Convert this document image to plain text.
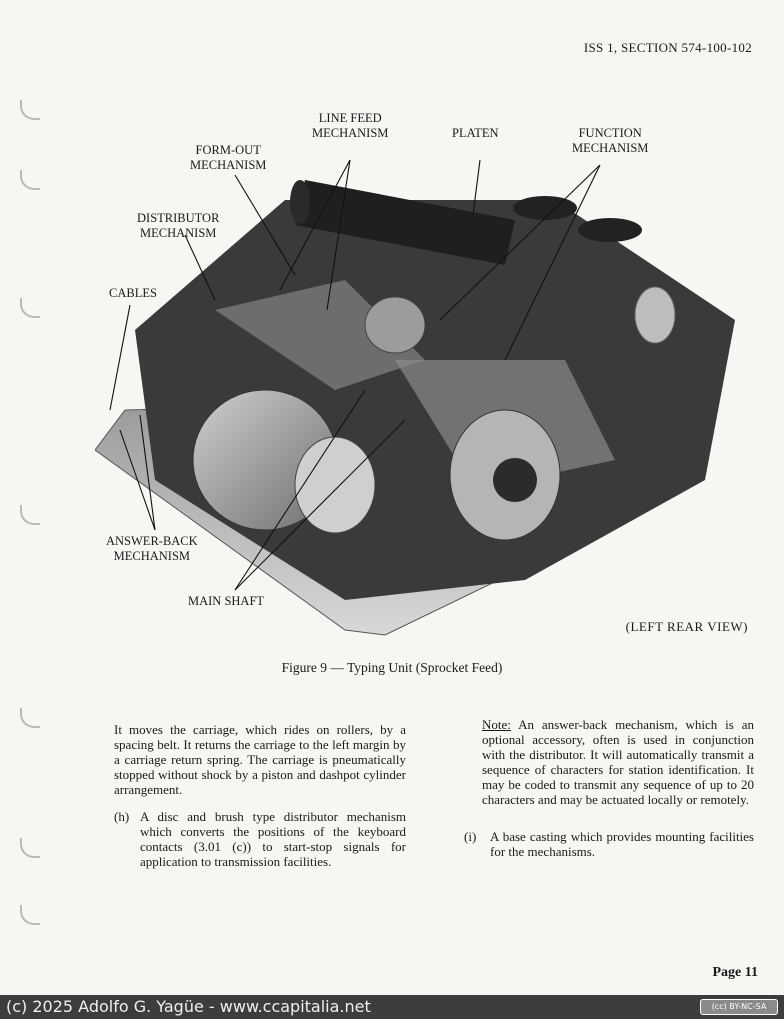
ISS 1, SECTION 574-100-102
LINE FEED
MECHANISM	PLATEN	FUNCTION
MECHANISM
FORM-OUT
MECHANISM
DISTRIBUTOR
MECHANISM
CABLES
ANSWER-BACK
MECHANISM
MAIN SHAFT
(LEFT REAR VIEW)
Figure 9 — Typing Unit (Sprocket Feed)

It moves the carriage, which rides on rollers, by a spacing belt. It returns the carriage to the left margin by a carriage return spring. The carriage is pneumatically stopped without shock by a piston and dashpot cylinder arrangement.

(h) A disc and brush type distributor mechanism which converts the positions of the keyboard contacts (3.01 (c)) to start-stop signals for application to transmission facilities.

Note: An answer-back mechanism, which is an optional accessory, often is used in conjunction with the distributor. It will automatically transmit a sequence of characters for station identification. It may be coded to transmit any sequence of up to 20 characters and may be actuated locally or remotely.

(i)	A base casting which provides mounting facilities for the mechanisms.
Page 11
(c) 2025 Adolfo G. Yagüe - www.ccapitalia.net	(cc) BY-NC-SA
